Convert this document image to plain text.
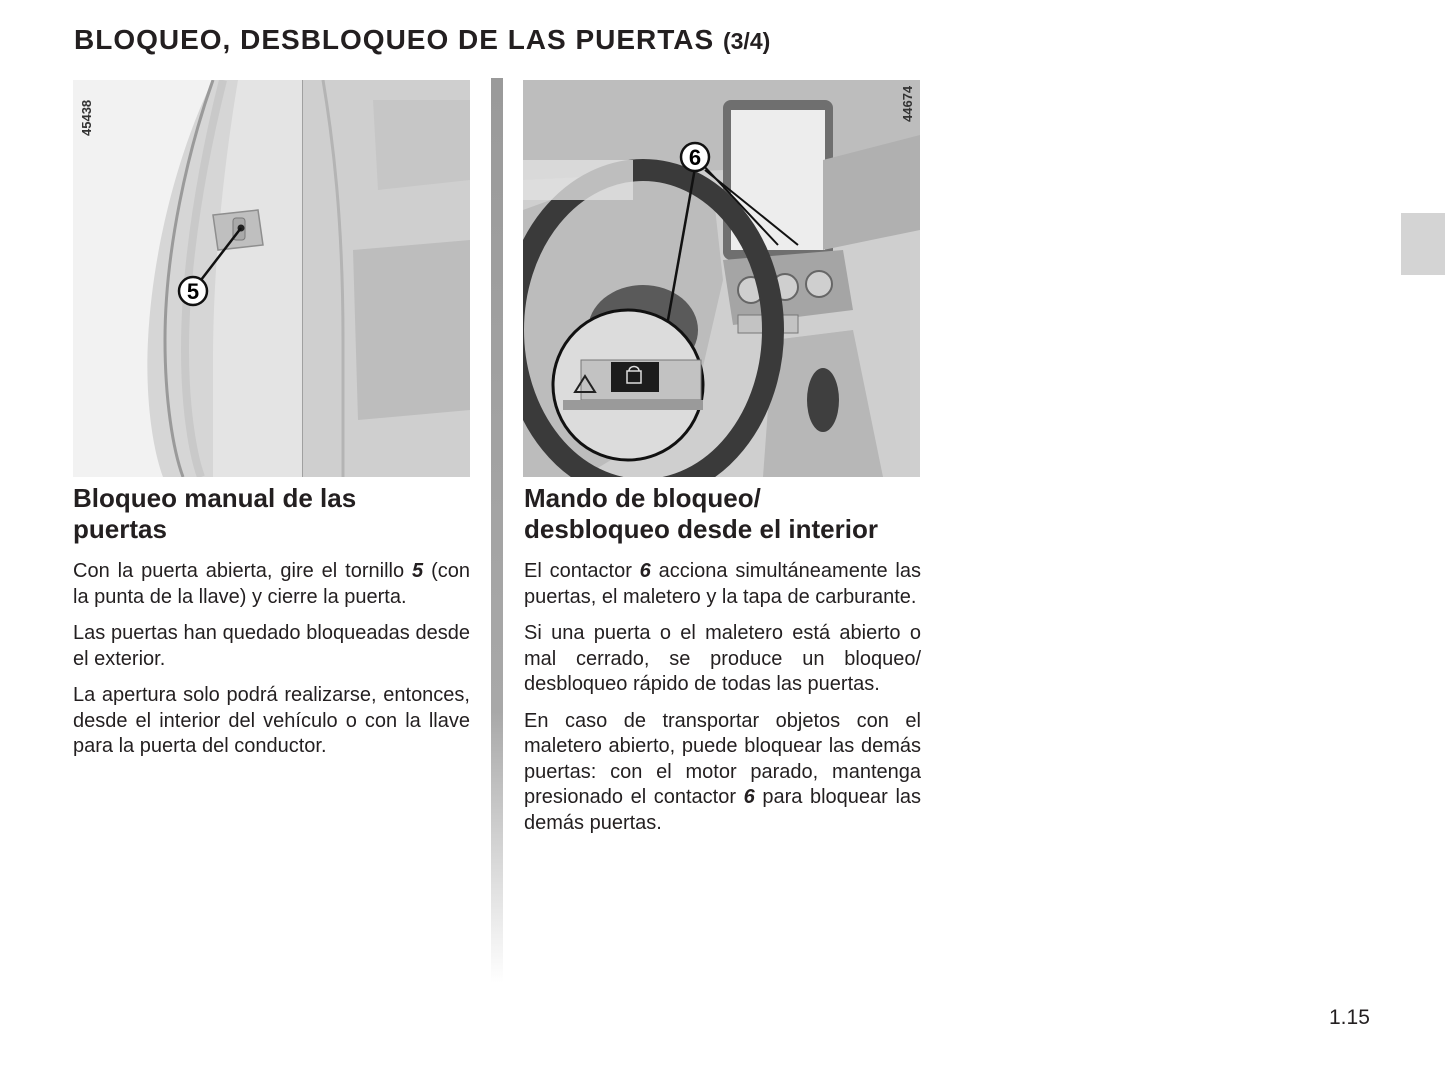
BLOQUEO, DESBLOQUEO DE LAS PUERTAS (3/4)
5
45438
6
44674
Bloqueo manual de las
puertas

Con la puerta abierta, gire el tornillo 5 (con la punta de la llave) y cierre la puerta.

Las puertas han quedado bloqueadas desde el exterior.

La apertura solo podrá realizarse, entonces, desde el interior del vehículo o con la llave para la puerta del conductor.

Mando de bloqueo/
desbloqueo desde el interior

El contactor 6 acciona simultáneamente las puertas, el maletero y la tapa de carburante.

Si una puerta o el maletero está abierto o mal cerrado, se produce un bloqueo/ desbloqueo rápido de todas las puertas.

En caso de transportar objetos con el maletero abierto, puede bloquear las demás puertas: con el motor parado, mantenga presionado el contactor 6 para bloquear las demás puertas.

1.15
